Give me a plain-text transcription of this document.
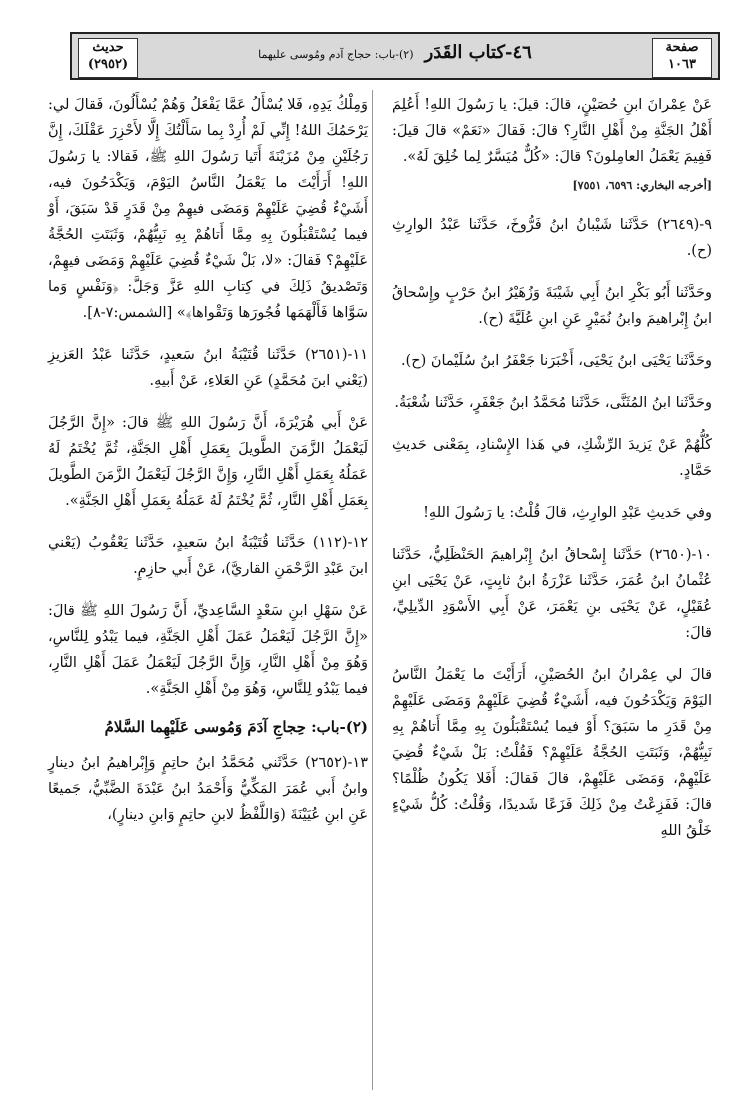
صفحة
١٠٦٣
٤٦-كتاب القَدَر (٢)-باب: حجاج آدم ومُوسى عليهما
حديث
(٢٩٥٢)
عَنْ عِمْرانَ ابنِ حُصَيْنٍ، قالَ: قيلَ: يا رَسُولَ اللهِ! أَعُلِمَ أَهْلُ الجَنَّةِ مِنْ أَهْلِ النَّارِ؟ قالَ: فَقالَ «نَعَمْ» قالَ قيلَ: فَفِيمَ يَعْمَلُ العامِلونَ؟ قالَ: «كُلٌّ مُيَسَّرٌ لِما خُلِقَ لَهُ».
[أخرجه البخاري: ٦٥٩٦، ٧٥٥١]
٩-(٢٦٤٩) حَدَّثَنا شَيْبانُ ابنُ فَرُّوخَ، حَدَّثَنا عَبْدُ الوارِثِ (ح).
وحَدَّثَنا أَبُو بَكْرِ ابنُ أَبِي شَيْبَةَ وَزُهَيْرُ ابنُ حَرْبٍ وإِسْحاقُ ابنُ إِبْراهيمَ وابنُ نُمَيْرٍ عَنِ ابنِ عُلَيَّةَ (ح).
وحَدَّثَنا يَحْيَى ابنُ يَحْيَى، أَخْبَرَنا جَعْفَرُ ابنُ سُلَيْمانَ (ح).
وحَدَّثَنا ابنُ المُثَنَّى، حَدَّثَنا مُحَمَّدُ ابنُ جَعْفَرٍ، حَدَّثَنا شُعْبَةُ.
كُلُّهُمْ عَنْ يَزيدَ الرِّشْكِ، في هَذا الإِسْنادِ، بِمَعْنى حَديثِ حَمَّادٍ.
وفي حَديثِ عَبْدِ الوارِثِ، قالَ قُلْتُ: يا رَسُولَ اللهِ!
١٠-(٢٦٥٠) حَدَّثَنا إِسْحاقُ ابنُ إِبْراهيمَ الحَنْظَلِيُّ، حَدَّثَنا عُثْمانُ ابنُ عُمَرَ، حَدَّثَنا عَزْرَةُ ابنُ ثابِتٍ، عَنْ يَحْيَى ابنِ عُقَيْلٍ، عَنْ يَحْيَى بنِ يَعْمَرَ، عَنْ أَبِي الأَسْوَدِ الدِّيلِيِّ، قالَ:
قالَ لي عِمْرانُ ابنُ الحُصَيْنِ، أَرَأَيْتَ ما يَعْمَلُ النَّاسُ اليَوْمَ وَيَكْدَحُونَ فيه، أَشَيْءٌ قُضِيَ عَلَيْهِمْ وَمَضَى عَلَيْهِمْ مِنْ قَدَرِ ما سَبَقَ؟ أَوْ فيما يُسْتَقْبَلُونَ بِهِ مِمَّا أَتاهُمْ بِهِ نَبِيُّهُمْ، وَثَبَتَتِ الحُجَّةُ عَلَيْهِمْ؟ فَقُلْتُ: بَلْ شَيْءٌ قُضِيَ عَلَيْهِمْ، وَمَضَى عَلَيْهِمْ، قالَ فَقالَ: أَفَلا يَكُونُ ظُلْمًا؟ قالَ: فَفَزِعْتُ مِنْ ذَلِكَ فَزَعًا شَديدًا، وَقُلْتُ: كُلُّ شَيْءٍ خَلْقُ اللهِ
وَمِلْكُ يَدِهِ، فَلا يُسْأَلُ عَمَّا يَفْعَلُ وَهُمْ يُسْأَلُونَ، فَقالَ لي: يَرْحَمُكَ اللهُ! إِنِّي لَمْ أُرِدْ بِما سَأَلْتُكَ إِلَّا لأَحْزِرَ عَقْلَكَ، إِنَّ رَجُلَيْنِ مِنْ مُزَيْنَةَ أَتَيا رَسُولَ اللهِ ﷺ، فَقالا: يا رَسُولَ اللهِ! أَرَأَيْتَ ما يَعْمَلُ النَّاسُ اليَوْمَ، وَيَكْدَحُونَ فيه، أَشَيْءٌ قُضِيَ عَلَيْهِمْ وَمَضَى فيهِمْ مِنْ قَدَرٍ قَدْ سَبَقَ، أَوْ فيما يُسْتَقْبَلُونَ بِهِ مِمَّا أَتاهُمْ بِهِ نَبِيُّهُمْ، وَثَبَتَتِ الحُجَّةُ عَلَيْهِمْ؟ فَقالَ: «لا، بَلْ شَيْءٌ قُضِيَ عَلَيْهِمْ وَمَضَى فيهِمْ، وَتَصْديقُ ذَلِكَ في كِتابِ اللهِ عَزَّ وَجَلَّ: ﴿وَنَفْسٍ وَما سَوَّاها فَأَلْهَمَها فُجُورَها وَتَقْواها﴾» [الشمس:٧-٨].
١١-(٢٦٥١) حَدَّثَنا قُتَيْبَةُ ابنُ سَعيدٍ، حَدَّثَنا عَبْدُ العَزيزِ (يَعْني ابنَ مُحَمَّدٍ) عَنِ العَلاءِ، عَنْ أَبيهِ.
عَنْ أَبي هُرَيْرَةَ، أَنَّ رَسُولَ اللهِ ﷺ قالَ: «إِنَّ الرَّجُلَ لَيَعْمَلُ الزَّمَنَ الطَّويلَ بِعَمَلِ أَهْلِ الجَنَّةِ، ثُمَّ يُخْتَمُ لَهُ عَمَلُهُ بِعَمَلِ أَهْلِ النَّارِ، وَإِنَّ الرَّجُلَ لَيَعْمَلُ الزَّمَنَ الطَّويلَ بِعَمَلِ أَهْلِ النَّارِ، ثُمَّ يُخْتَمُ لَهُ عَمَلُهُ بِعَمَلِ أَهْلِ الجَنَّةِ».
١٢-(١١٢) حَدَّثَنا قُتَيْبَةُ ابنُ سَعيدٍ، حَدَّثَنا يَعْقُوبُ (يَعْني ابنَ عَبْدِ الرَّحْمَنِ القاريَّ)، عَنْ أَبي حازِمٍ.
عَنْ سَهْلِ ابنِ سَعْدٍ السَّاعِديِّ، أَنَّ رَسُولَ اللهِ ﷺ قالَ: «إِنَّ الرَّجُلَ لَيَعْمَلُ عَمَلَ أَهْلِ الجَنَّةِ، فيما يَبْدُو لِلنَّاسِ، وَهُوَ مِنْ أَهْلِ النَّارِ، وَإِنَّ الرَّجُلَ لَيَعْمَلُ عَمَلَ أَهْلِ النَّارِ، فيما يَبْدُو لِلنَّاسِ، وَهُوَ مِنْ أَهْلِ الجَنَّةِ».
(٢)-باب: حِجاجِ آدَمَ وَمُوسى عَلَيْهِما السَّلامُ
١٣-(٢٦٥٢) حَدَّثَني مُحَمَّدُ ابنُ حاتِمٍ وَإِبْراهيمُ ابنُ دينارٍ وابنُ أَبي عُمَرَ المَكِّيُّ وَأَحْمَدُ ابنُ عَبْدَةَ الضَّبِّيُّ، جَميعًا عَنِ ابنِ عُيَيْنَةَ (وَاللَّفْظُ لابنِ حاتِمٍ وَابنِ دينارٍ)،
